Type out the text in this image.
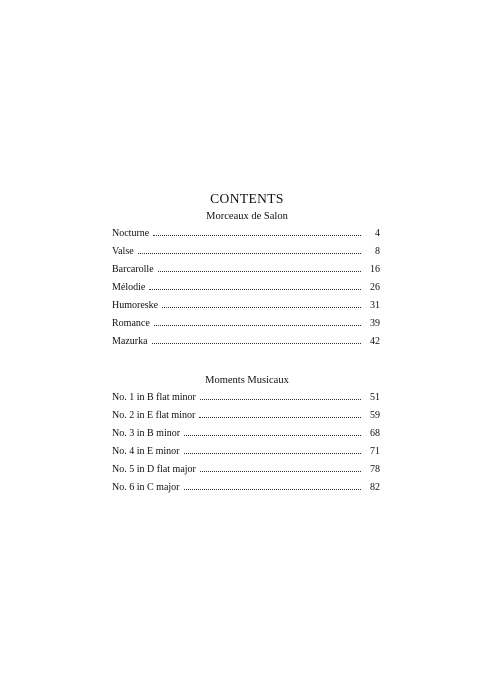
CONTENTS
Morceaux de Salon
Nocturne	4
Valse	8
Barcarolle	16
Mélodie	26
Humoreske	31
Romance	39
Mazurka	42
Moments Musicaux
No. 1 in B flat minor	51
No. 2 in E flat minor	59
No. 3 in B minor	68
No. 4 in E minor	71
No. 5 in D flat major	78
No. 6 in C major	82
